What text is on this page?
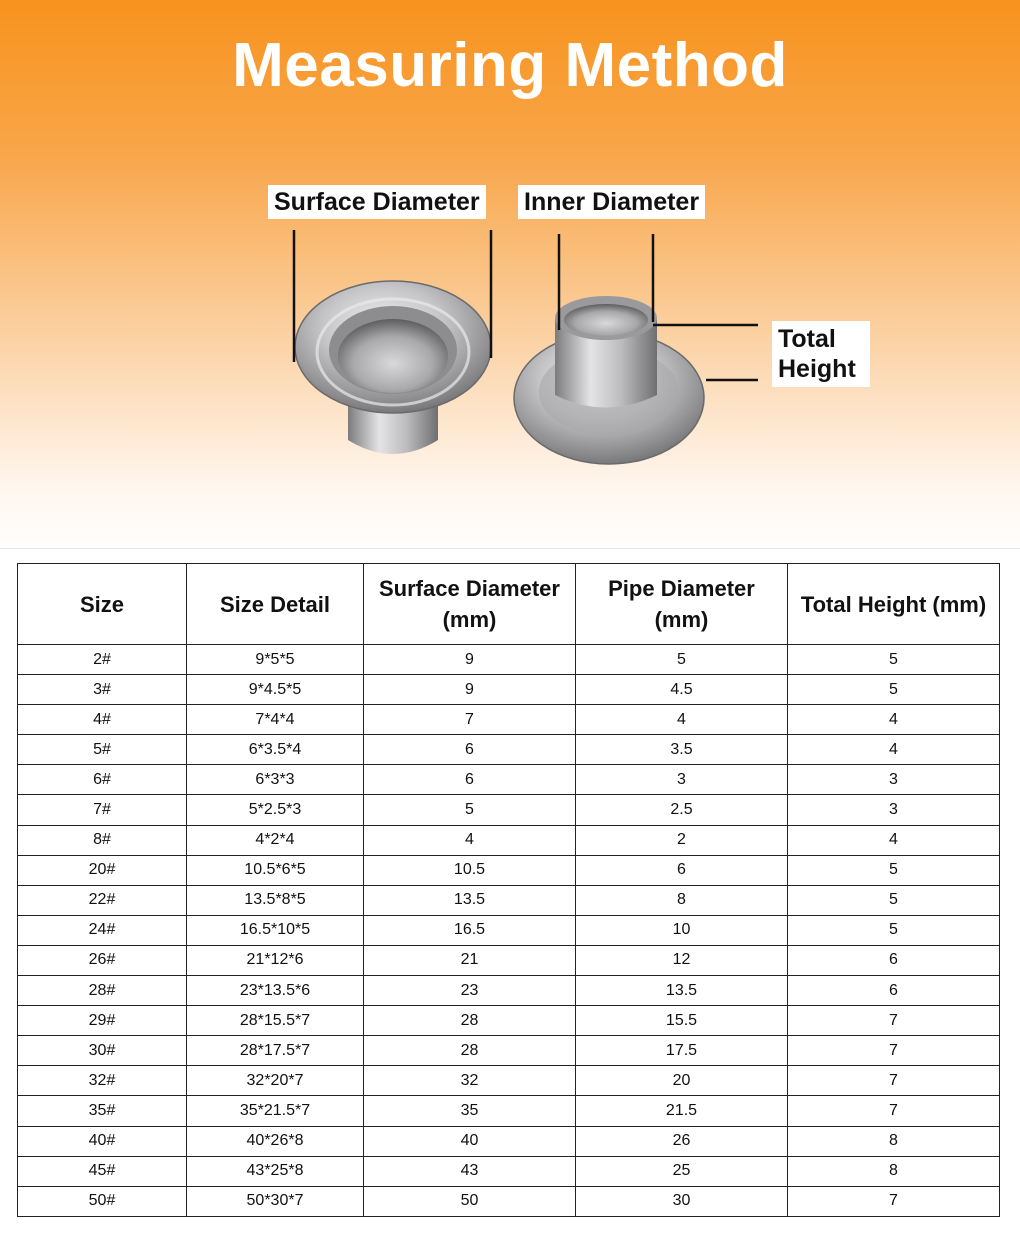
Measuring Method
Surface Diameter Inner Diameter
Total Height
Size	Size Detail	Surface Diameter (mm)	Pipe Diameter (mm)	Total Height (mm)
2#	9*5*5	9	5	5
3#	9*4.5*5	9	4.5	5
4#	7*4*4	7	4	4
5#	6*3.5*4	6	3.5	4
6#	6*3*3	6	3	3
7#	5*2.5*3	5	2.5	3
8#	4*2*4	4	2	4
20#	10.5*6*5	10.5	6	5
22#	13.5*8*5	13.5	8	5
24#	16.5*10*5	16.5	10	5
26#	21*12*6	21	12	6
28#	23*13.5*6	23	13.5	6
29#	28*15.5*7	28	15.5	7
30#	28*17.5*7	28	17.5	7
32#	32*20*7	32	20	7
35#	35*21.5*7	35	21.5	7
40#	40*26*8	40	26	8
45#	43*25*8	43	25	8
50#	50*30*7	50	30	7
